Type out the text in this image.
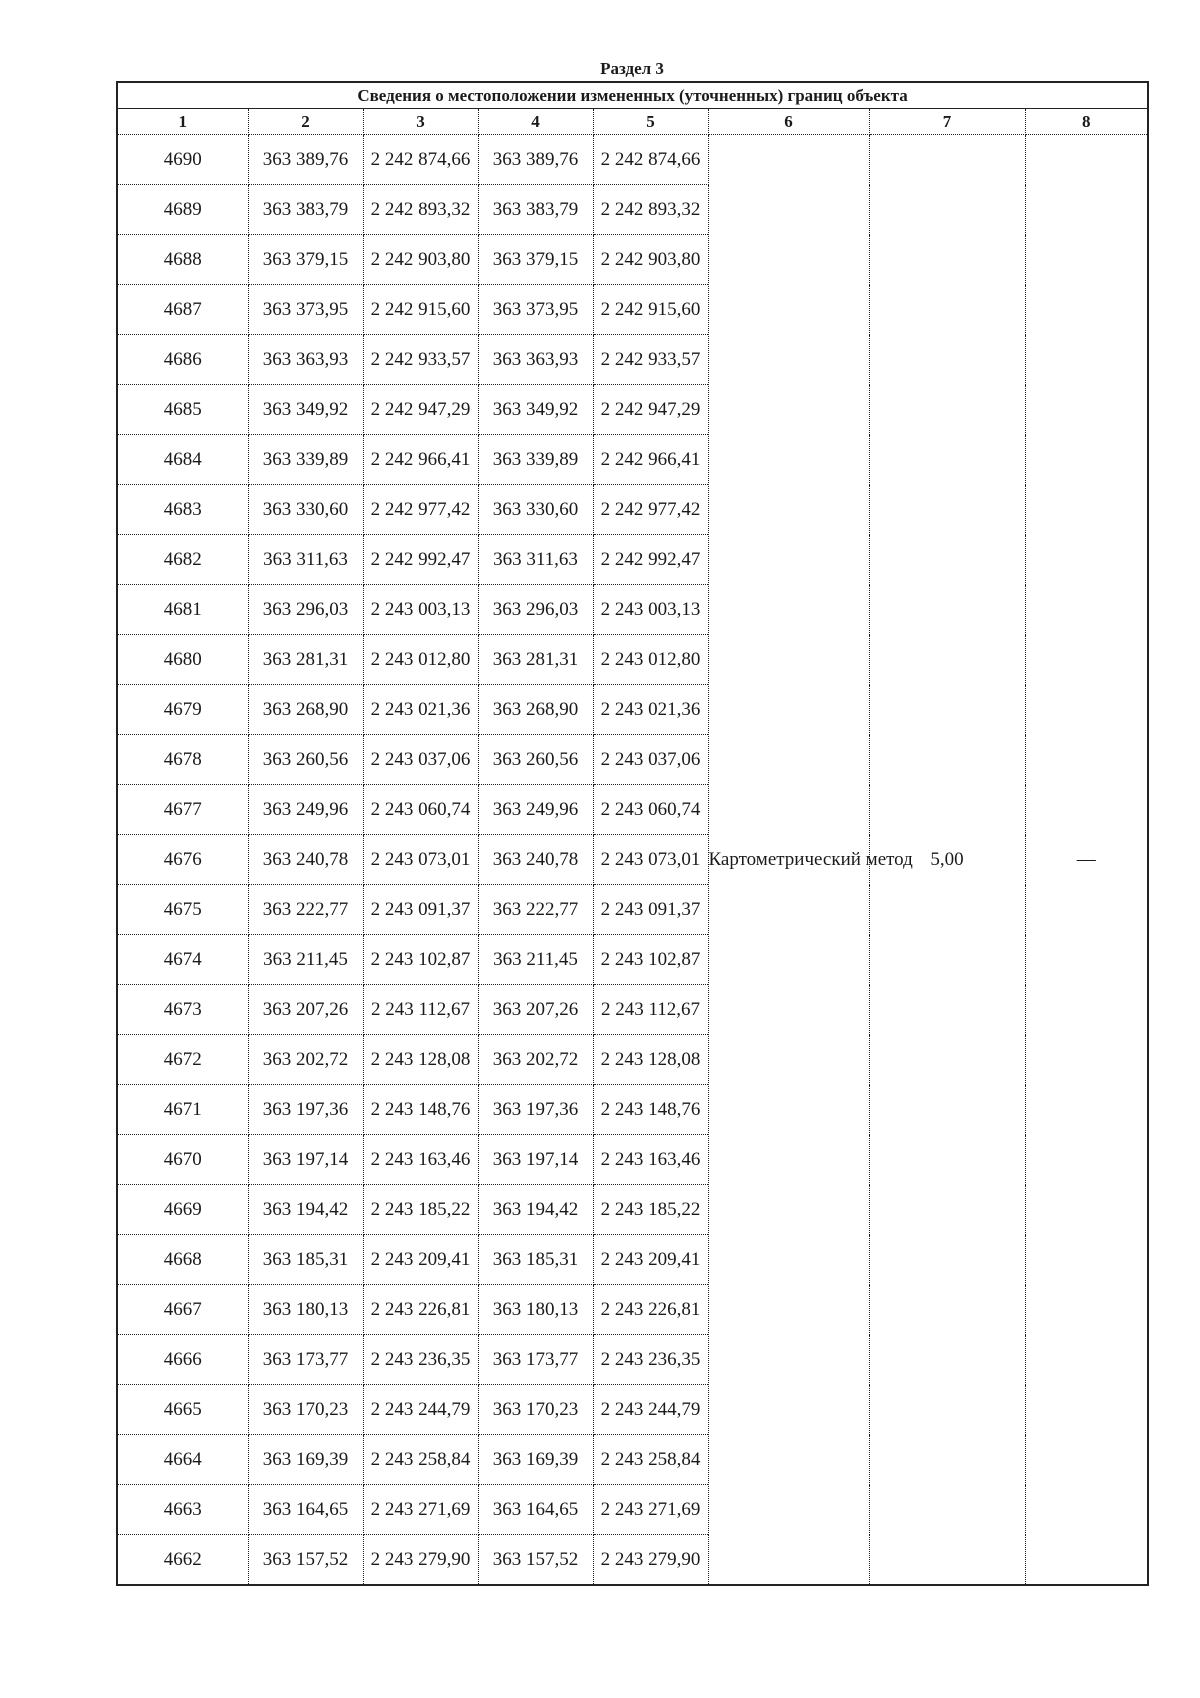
Раздел 3
Сведения о местоположении измененных (уточненных) границ объекта							
1	2	3	4	5	6	7	8
4690	363 389,76	2 242 874,66	363 389,76	2 242 874,66	Картометрический метод	5,00	—
4689	363 383,79	2 242 893,32	363 383,79	2 242 893,32			
4688	363 379,15	2 242 903,80	363 379,15	2 242 903,80			
4687	363 373,95	2 242 915,60	363 373,95	2 242 915,60			
4686	363 363,93	2 242 933,57	363 363,93	2 242 933,57			
4685	363 349,92	2 242 947,29	363 349,92	2 242 947,29			
4684	363 339,89	2 242 966,41	363 339,89	2 242 966,41			
4683	363 330,60	2 242 977,42	363 330,60	2 242 977,42			
4682	363 311,63	2 242 992,47	363 311,63	2 242 992,47			
4681	363 296,03	2 243 003,13	363 296,03	2 243 003,13			
4680	363 281,31	2 243 012,80	363 281,31	2 243 012,80			
4679	363 268,90	2 243 021,36	363 268,90	2 243 021,36			
4678	363 260,56	2 243 037,06	363 260,56	2 243 037,06			
4677	363 249,96	2 243 060,74	363 249,96	2 243 060,74			
4676	363 240,78	2 243 073,01	363 240,78	2 243 073,01			
4675	363 222,77	2 243 091,37	363 222,77	2 243 091,37			
4674	363 211,45	2 243 102,87	363 211,45	2 243 102,87			
4673	363 207,26	2 243 112,67	363 207,26	2 243 112,67			
4672	363 202,72	2 243 128,08	363 202,72	2 243 128,08			
4671	363 197,36	2 243 148,76	363 197,36	2 243 148,76			
4670	363 197,14	2 243 163,46	363 197,14	2 243 163,46			
4669	363 194,42	2 243 185,22	363 194,42	2 243 185,22			
4668	363 185,31	2 243 209,41	363 185,31	2 243 209,41			
4667	363 180,13	2 243 226,81	363 180,13	2 243 226,81			
4666	363 173,77	2 243 236,35	363 173,77	2 243 236,35			
4665	363 170,23	2 243 244,79	363 170,23	2 243 244,79			
4664	363 169,39	2 243 258,84	363 169,39	2 243 258,84			
4663	363 164,65	2 243 271,69	363 164,65	2 243 271,69			
4662	363 157,52	2 243 279,90	363 157,52	2 243 279,90			
